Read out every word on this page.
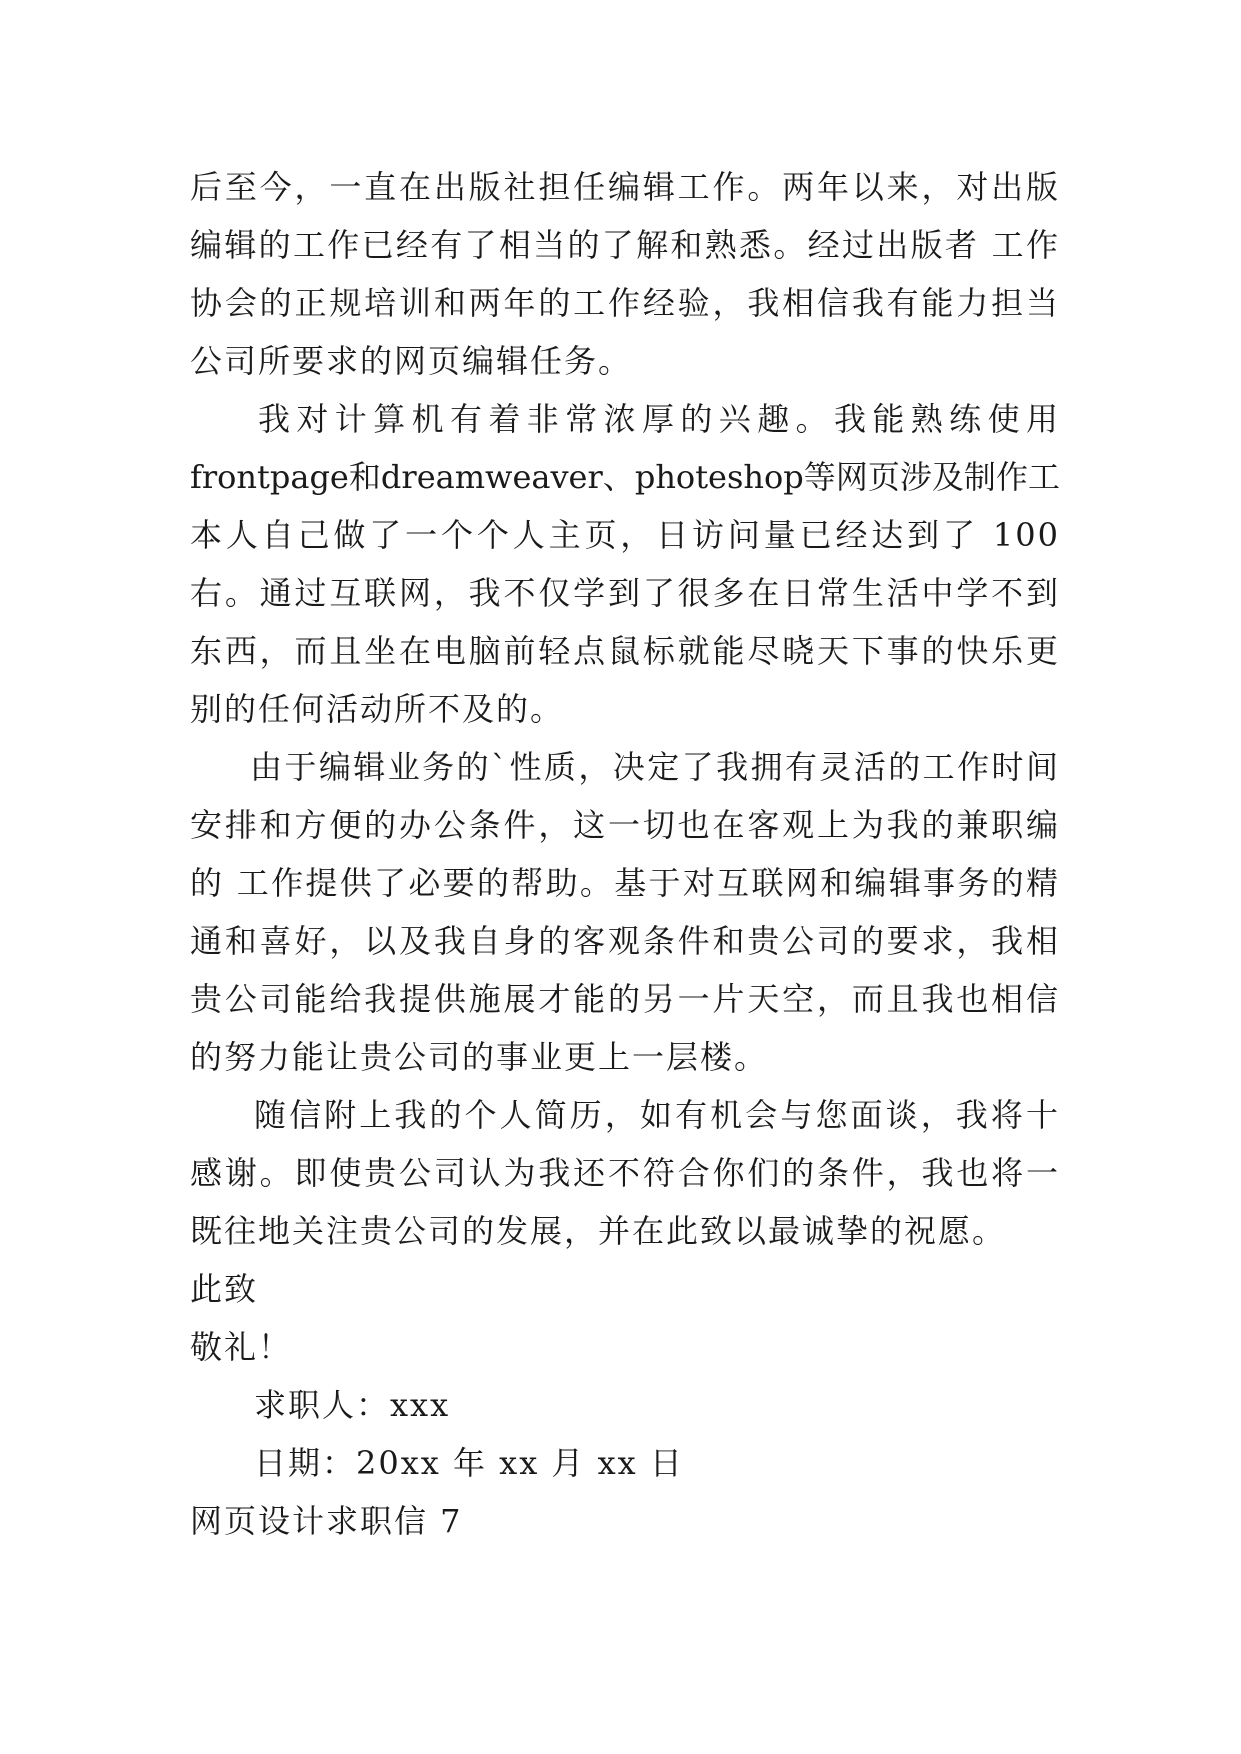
后至今，一直在出版社担任编辑工作。两年以来，对出版
编辑的工作已经有了相当的了解和熟悉。经过出版者 工作
协会的正规培训和两年的工作经验，我相信我有能力担当
公司所要求的网页编辑任务。
我对计算机有着非常浓厚的兴趣。我能熟练使用
frontpage和dreamweaver、photeshop等网页涉及制作工
本人自己做了一个个人主页，日访问量已经达到了 100
右。通过互联网，我不仅学到了很多在日常生活中学不到
东西，而且坐在电脑前轻点鼠标就能尽晓天下事的快乐更
别的任何活动所不及的。
由于编辑业务的`性质，决定了我拥有灵活的工作时间
安排和方便的办公条件，这一切也在客观上为我的兼职编
的 工作提供了必要的帮助。基于对互联网和编辑事务的精
通和喜好，以及我自身的客观条件和贵公司的要求，我相
贵公司能给我提供施展才能的另一片天空，而且我也相信
的努力能让贵公司的事业更上一层楼。
随信附上我的个人简历，如有机会与您面谈，我将十
感谢。即使贵公司认为我还不符合你们的条件，我也将一
既往地关注贵公司的发展，并在此致以最诚挚的祝愿。
此致
敬礼！
求职人：xxx
日期：20xx 年 xx 月 xx 日
网页设计求职信 7
